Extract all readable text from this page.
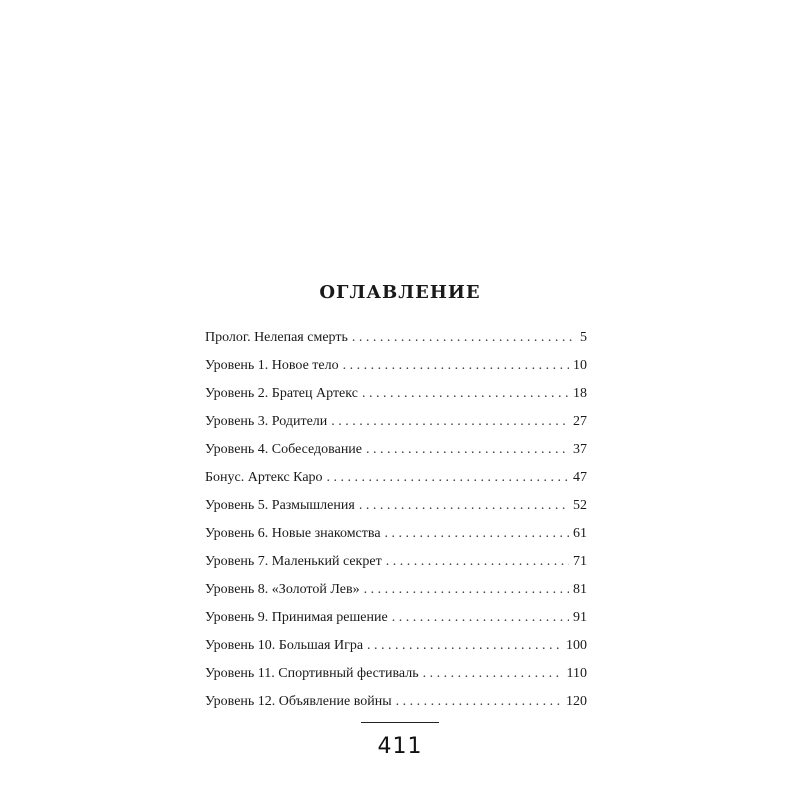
ОГЛАВЛЕНИЕ
Пролог. Нелепая смерть . . .	5
Уровень 1. Новое тело . . .	10
Уровень 2. Братец Артекс . . .	18
Уровень 3. Родители . . .	27
Уровень 4. Собеседование . . .	37
Бонус. Артекс Каро . . .	47
Уровень 5. Размышления . . .	52
Уровень 6. Новые знакомства . . .	61
Уровень 7. Маленький секрет . . .	71
Уровень 8. «Золотой Лев» . . .	81
Уровень 9. Принимая решение . . .	91
Уровень 10. Большая Игра . . .	100
Уровень 11. Спортивный фестиваль . . .	110
Уровень 12. Объявление войны . . .	120
411
